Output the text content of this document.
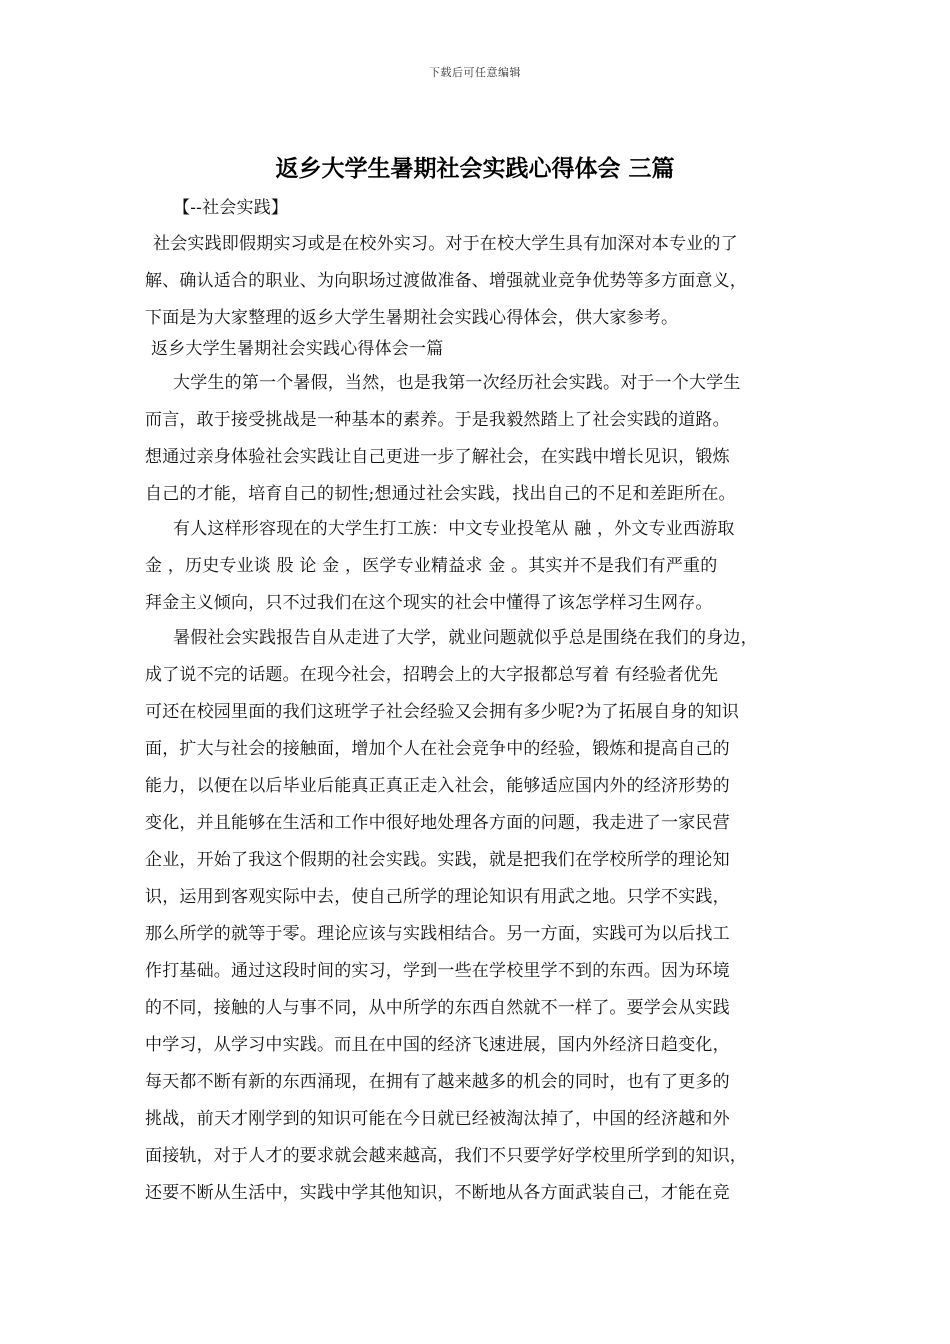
下载后可任意编辑
返乡大学生暑期社会实践心得体会 三篇
【--社会实践】
社会实践即假期实习或是在校外实习。对于在校大学生具有加深对本专业的了
解、确认适合的职业、为向职场过渡做准备、增强就业竞争优势等多方面意义，
下面是为大家整理的返乡大学生暑期社会实践心得体会，供大家参考。
返乡大学生暑期社会实践心得体会一篇
大学生的第一个暑假，当然，也是我第一次经历社会实践。对于一个大学生
而言，敢于接受挑战是一种基本的素养。于是我毅然踏上了社会实践的道路。
想通过亲身体验社会实践让自己更进一步了解社会，在实践中增长见识，锻炼
自己的才能，培育自己的韧性;想通过社会实践，找出自己的不足和差距所在。
有人这样形容现在的大学生打工族：中文专业投笔从 融 ，外文专业西游取
金 ，历史专业谈 股 论 金 ，医学专业精益求 金 。其实并不是我们有严重的
拜金主义倾向，只不过我们在这个现实的社会中懂得了该怎学样习生网存。
暑假社会实践报告自从走进了大学，就业问题就似乎总是围绕在我们的身边，
成了说不完的话题。在现今社会，招聘会上的大字报都总写着 有经验者优先
可还在校园里面的我们这班学子社会经验又会拥有多少呢?为了拓展自身的知识
面，扩大与社会的接触面，增加个人在社会竞争中的经验，锻炼和提高自己的
能力，以便在以后毕业后能真正真正走入社会，能够适应国内外的经济形势的
变化，并且能够在生活和工作中很好地处理各方面的问题，我走进了一家民营
企业，开始了我这个假期的社会实践。实践，就是把我们在学校所学的理论知
识，运用到客观实际中去，使自己所学的理论知识有用武之地。只学不实践，
那么所学的就等于零。理论应该与实践相结合。另一方面，实践可为以后找工
作打基础。通过这段时间的实习，学到一些在学校里学不到的东西。因为环境
的不同，接触的人与事不同，从中所学的东西自然就不一样了。要学会从实践
中学习，从学习中实践。而且在中国的经济飞速进展，国内外经济日趋变化，
每天都不断有新的东西涌现，在拥有了越来越多的机会的同时，也有了更多的
挑战，前天才刚学到的知识可能在今日就已经被淘汰掉了，中国的经济越和外
面接轨，对于人才的要求就会越来越高，我们不只要学好学校里所学到的知识，
还要不断从生活中，实践中学其他知识，不断地从各方面武装自己，才能在竞
